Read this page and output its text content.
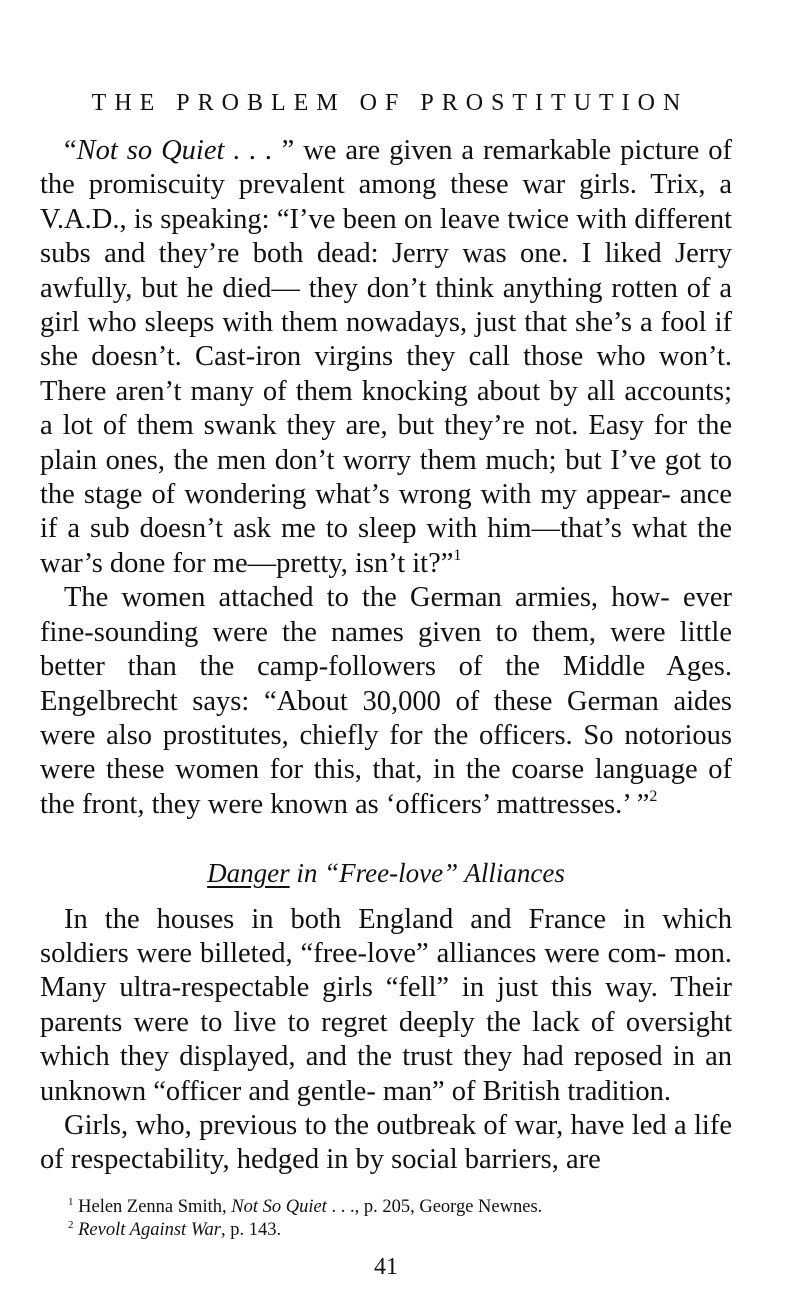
THE PROBLEM OF PROSTITUTION

“Not so Quiet . . . ” we are given a remarkable picture of the promiscuity prevalent among these war girls. Trix, a V.A.D., is speaking: “I’ve been on leave twice with different subs and they’re both dead: Jerry was one. I liked Jerry awfully, but he died— they don’t think anything rotten of a girl who sleeps with them nowadays, just that she’s a fool if she doesn’t. Cast-iron virgins they call those who won’t. There aren’t many of them knocking about by all accounts; a lot of them swank they are, but they’re not. Easy for the plain ones, the men don’t worry them much; but I’ve got to the stage of wondering what’s wrong with my appear- ance if a sub doesn’t ask me to sleep with him—that’s what the war’s done for me—pretty, isn’t it?”$^1$

The women attached to the German armies, how- ever fine-sounding were the names given to them, were little better than the camp-followers of the Middle Ages. Engelbrecht says: “About 30,000 of these German aides were also prostitutes, chiefly for the officers. So notorious were these women for this, that, in the coarse language of the front, they were known as ‘officers’ mattresses.’ ”$^2$

Danger in “Free-love” Alliances

In the houses in both England and France in which soldiers were billeted, “free-love” alliances were com- mon. Many ultra-respectable girls “fell” in just this way. Their parents were to live to regret deeply the lack of oversight which they displayed, and the trust they had reposed in an unknown “officer and gentle- man” of British tradition.

Girls, who, previous to the outbreak of war, have led a life of respectability, hedged in by social barriers, are

$^1$ Helen Zenna Smith, Not So Quiet . . ., p. 205, George Newnes.
$^2$ Revolt Against War, p. 143.
41
